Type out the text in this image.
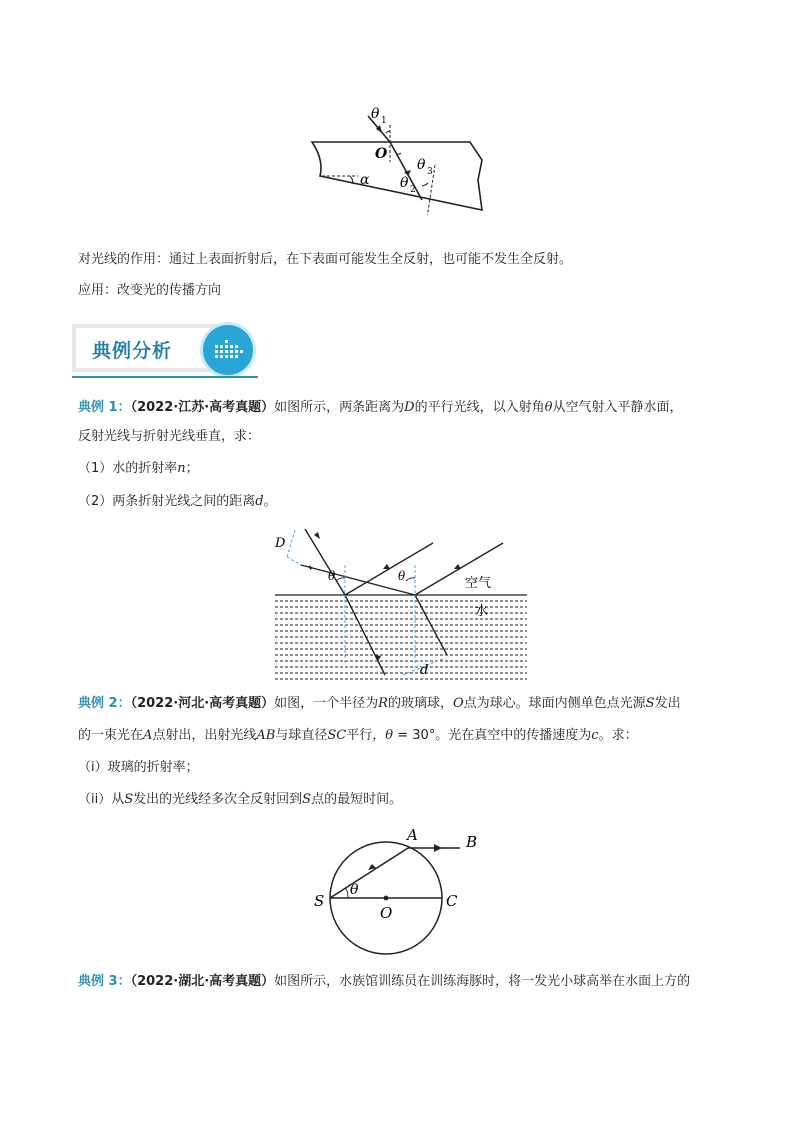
θ 1
O
θ 3
θ 2
α
对光线的作用：通过上表面折射后，在下表面可能发生全反射，也可能不发生全反射。
应用：改变光的传播方向
典例分析
典例 1：（2022·江苏·高考真题）如图所示，两条距离为D的平行光线，以入射角θ从空气射入平静水面，
反射光线与折射光线垂直，求：
（1）水的折射率n；
（2）两条折射光线之间的距离d。
D
θ	θ	空气
水
d
典例 2：（2022·河北·高考真题）如图，一个半径为R的玻璃球，O点为球心。球面内侧单色点光源S发出
的一束光在A点射出，出射光线AB与球直径SC平行，θ = 30°。光在真空中的传播速度为c。求：
（i）玻璃的折射率；
（ii）从S发出的光线经多次全反射回到S点的最短时间。
A	B
S
θ
O
C
典例 3：（2022·湖北·高考真题）如图所示，水族馆训练员在训练海豚时，将一发光小球高举在水面上方的
